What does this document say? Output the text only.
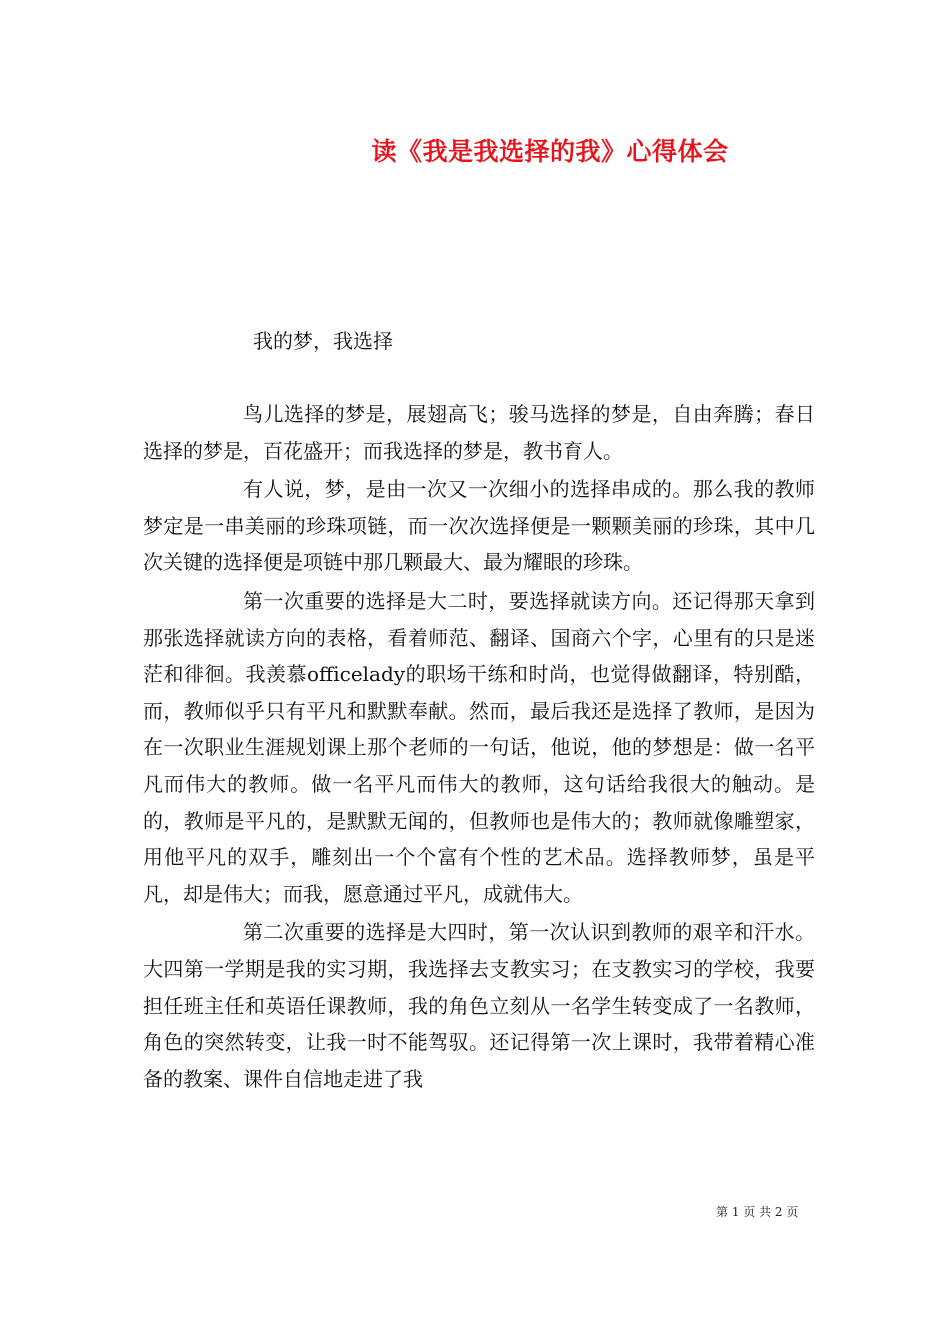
读《我是我选择的我》心得体会
我的梦，我选择

鸟儿选择的梦是，展翅高飞；骏马选择的梦是，自由奔腾；春日选择的梦是，百花盛开；而我选择的梦是，教书育人。

有人说，梦，是由一次又一次细小的选择串成的。那么我的教师梦定是一串美丽的珍珠项链，而一次次选择便是一颗颗美丽的珍珠，其中几次关键的选择便是项链中那几颗最大、最为耀眼的珍珠。

第一次重要的选择是大二时，要选择就读方向。还记得那天拿到那张选择就读方向的表格，看着师范、翻译、国商六个字，心里有的只是迷茫和徘徊。我羡慕officelady的职场干练和时尚，也觉得做翻译，特别酷，而，教师似乎只有平凡和默默奉献。然而，最后我还是选择了教师，是因为在一次职业生涯规划课上那个老师的一句话，他说，他的梦想是：做一名平凡而伟大的教师。做一名平凡而伟大的教师，这句话给我很大的触动。是的，教师是平凡的，是默默无闻的，但教师也是伟大的；教师就像雕塑家，用他平凡的双手，雕刻出一个个富有个性的艺术品。选择教师梦，虽是平凡，却是伟大；而我，愿意通过平凡，成就伟大。

第二次重要的选择是大四时，第一次认识到教师的艰辛和汗水。大四第一学期是我的实习期，我选择去支教实习；在支教实习的学校，我要担任班主任和英语任课教师，我的角色立刻从一名学生转变成了一名教师，角色的突然转变，让我一时不能驾驭。还记得第一次上课时，我带着精心准备的教案、课件自信地走进了我

第 1 页 共 2 页
